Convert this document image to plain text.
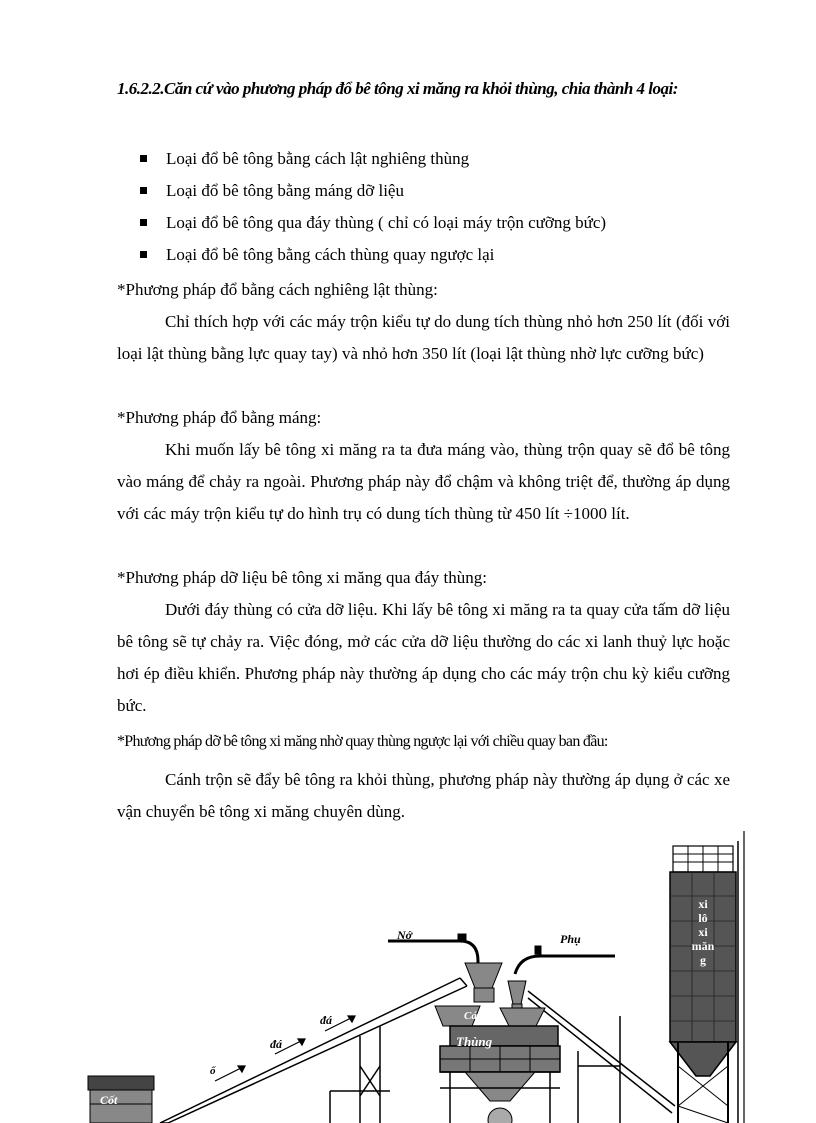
1.6.2.2.Căn cứ vào phương pháp đổ bê tông xi măng ra khỏi thùng, chia thành 4 loại:
Loại đổ bê tông bằng cách lật nghiêng thùng
Loại đổ bê tông bằng máng dỡ liệu
Loại đổ bê tông qua đáy thùng ( chỉ có loại máy trộn cưỡng bức)
Loại đổ bê tông bằng cách thùng quay ngược lại
*Phương pháp đổ bằng cách nghiêng lật thùng:
Chỉ thích hợp với các máy trộn kiểu tự do dung tích thùng nhỏ hơn 250 lít (đối với loại lật thùng bằng lực quay tay) và nhỏ hơn 350 lít (loại lật thùng nhờ lực cưỡng bức)
*Phương pháp đổ bằng máng:
Khi muốn lấy bê tông xi măng ra ta đưa máng vào, thùng trộn quay sẽ đổ bê tông vào máng để chảy ra ngoài. Phương pháp này đổ chậm và không triệt để, thường áp dụng với các máy trộn kiểu tự do hình trụ có dung tích thùng từ 450 lít ÷1000 lít.
*Phương pháp dỡ liệu bê tông xi măng qua đáy thùng:
Dưới đáy thùng có cửa dỡ liệu. Khi lấy bê tông xi măng ra ta quay cửa tấm dỡ liệu bê tông sẽ tự chảy ra. Việc đóng, mở các cửa dỡ liệu thường do các xi lanh thuỷ lực hoặc hơi ép điều khiển. Phương pháp này thường áp dụng cho các máy trộn chu kỳ kiểu cưỡng bức.
*Phương pháp dỡ bê tông xi măng nhờ quay thùng ngược lại với chiều quay ban đầu:
Cánh trộn sẽ đẩy bê tông ra khỏi thùng, phương pháp này thường áp dụng ở các xe vận chuyển bê tông xi măng chuyên dùng.
xi
lô
xi
măn
g
Nớ	Phụ
Cá
Thùng
đá
đá
ố
Cốt
